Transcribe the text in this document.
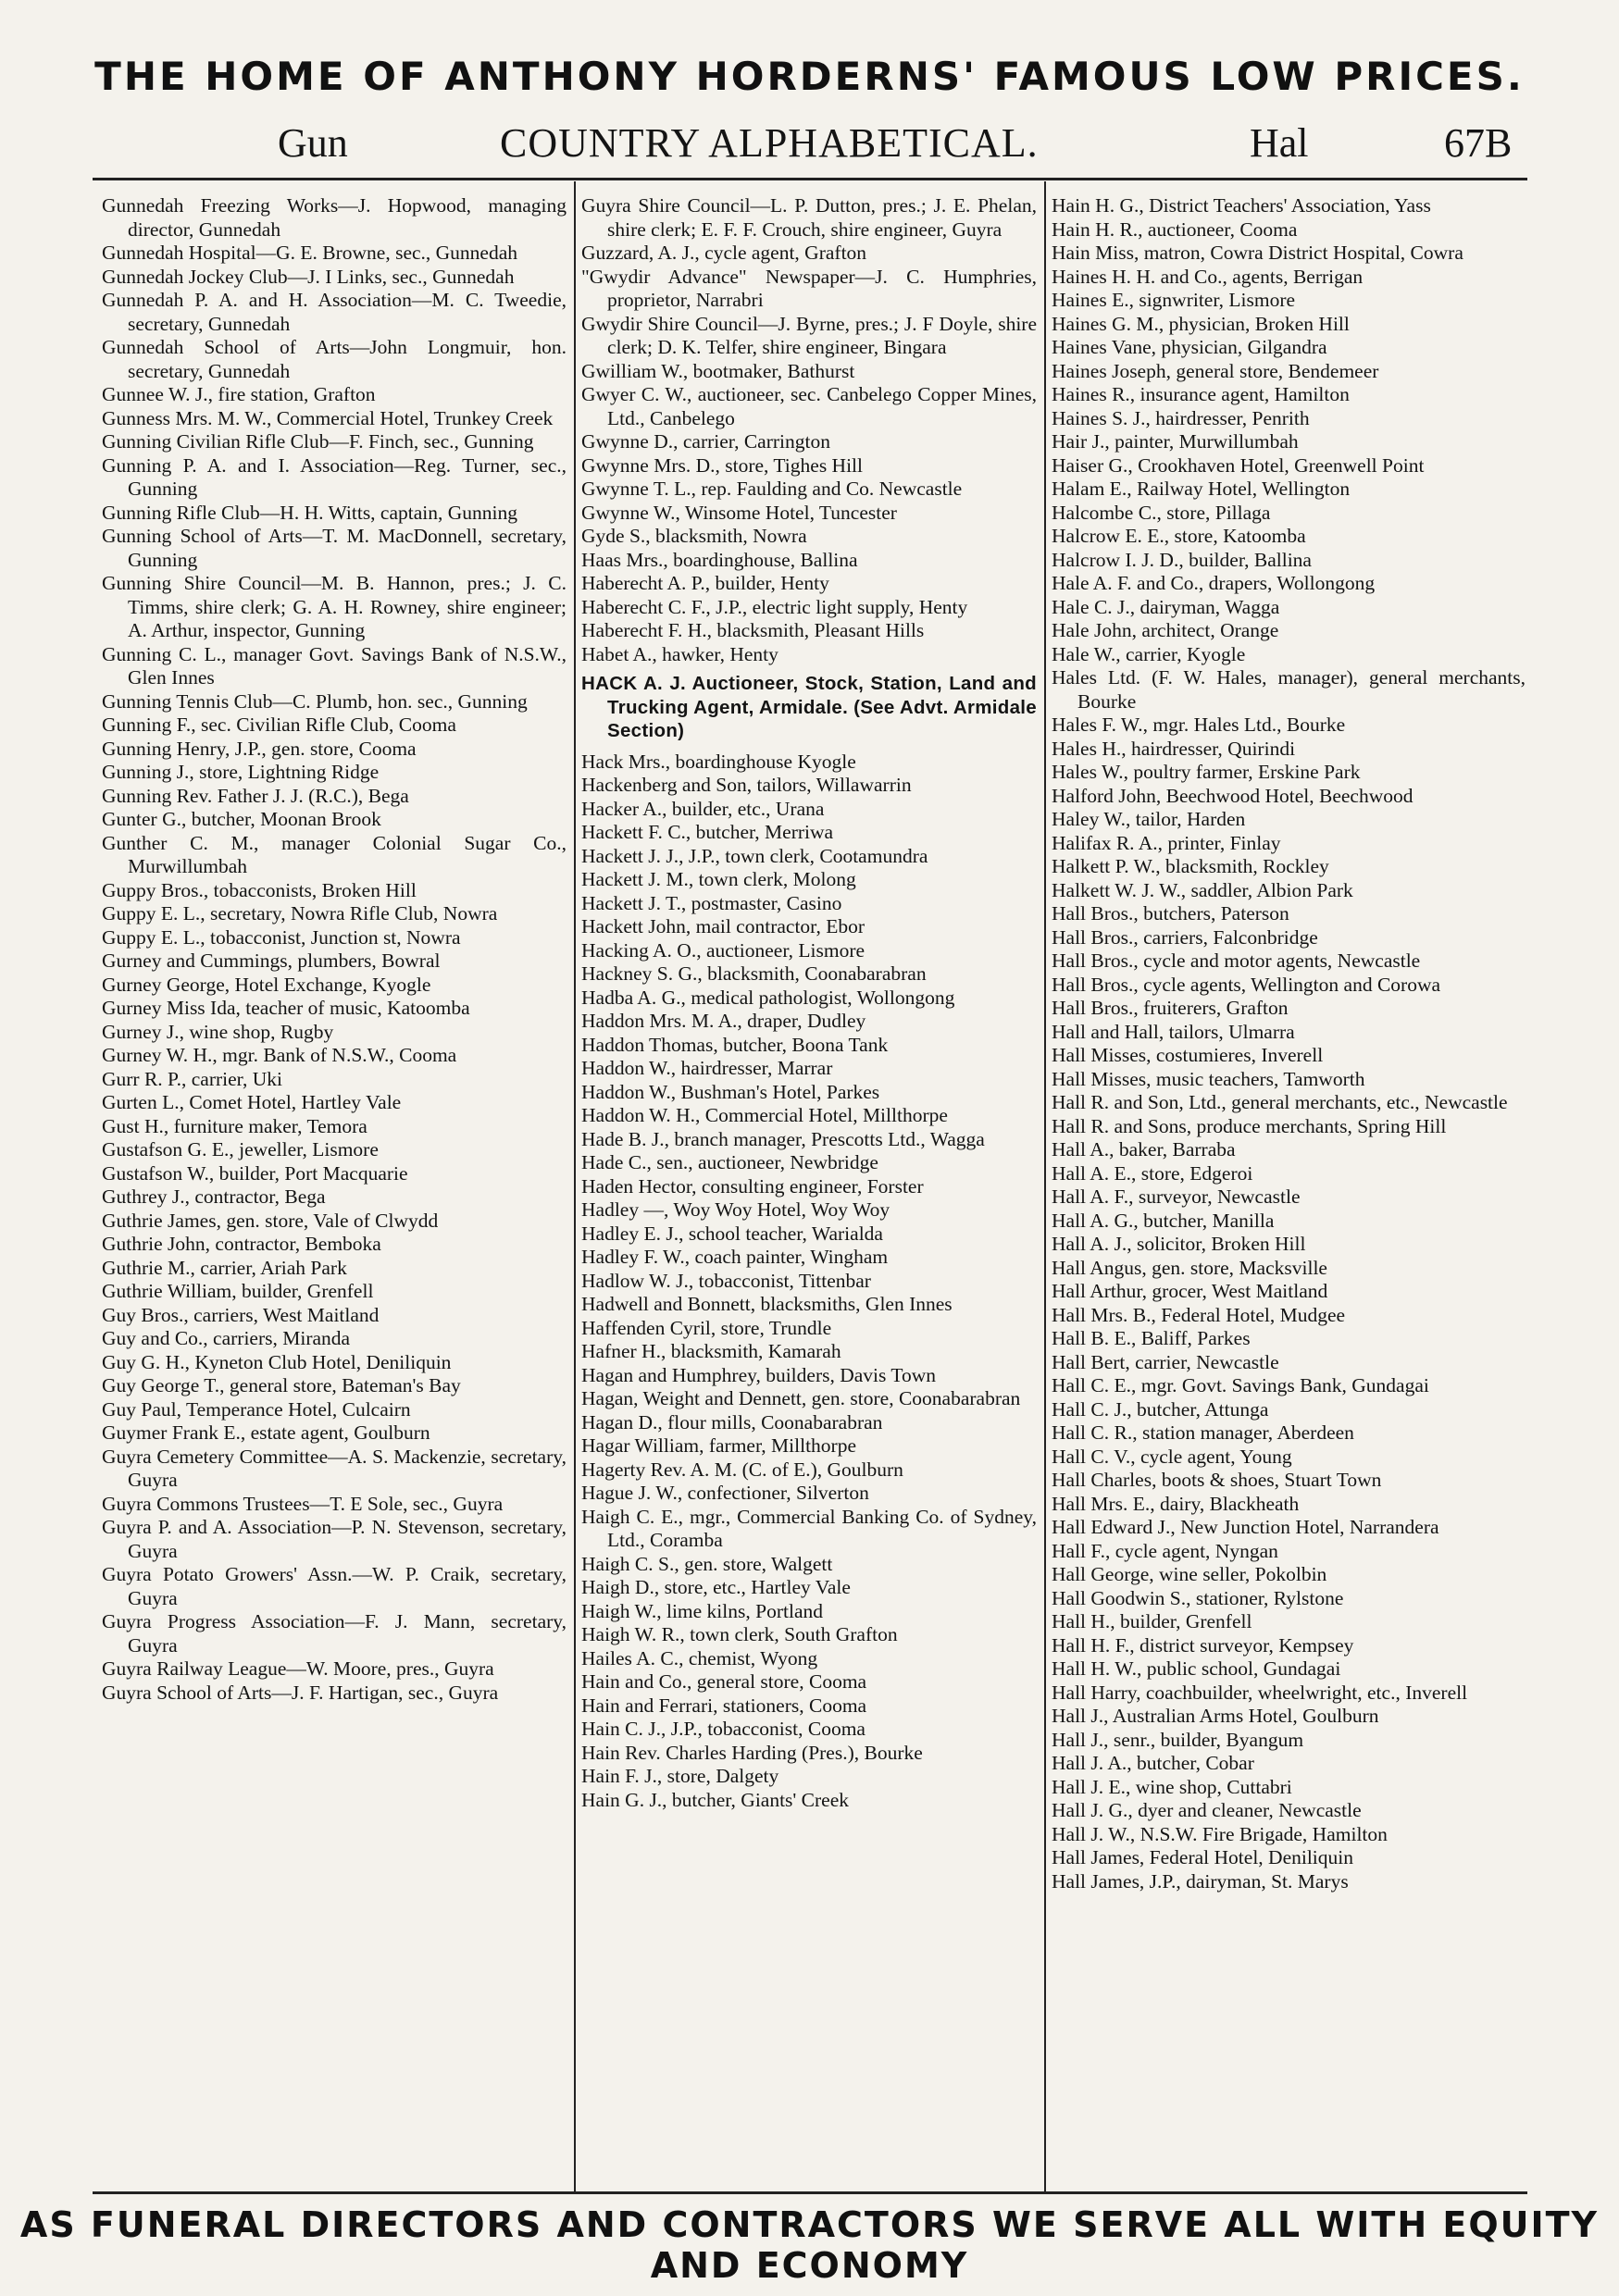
THE HOME OF ANTHONY HORDERNS' FAMOUS LOW PRICES.
Gun	COUNTRY ALPHABETICAL.	Hal	67B

Gunnedah Freezing Works—J. Hopwood, managing director, Gunnedah

Gunnedah Hospital—G. E. Browne, sec., Gunnedah

Gunnedah Jockey Club—J. I Links, sec., Gunnedah

Gunnedah P. A. and H. Association—M. C. Tweedie, secretary, Gunnedah

Gunnedah School of Arts—John Longmuir, hon. secretary, Gunnedah

Gunnee W. J., fire station, Grafton

Gunness Mrs. M. W., Commercial Hotel, Trunkey Creek

Gunning Civilian Rifle Club—F. Finch, sec., Gunning

Gunning P. A. and I. Association—Reg. Turner, sec., Gunning

Gunning Rifle Club—H. H. Witts, captain, Gunning

Gunning School of Arts—T. M. MacDonnell, secretary, Gunning

Gunning Shire Council—M. B. Hannon, pres.; J. C. Timms, shire clerk; G. A. H. Rowney, shire engineer; A. Arthur, inspector, Gunning

Gunning C. L., manager Govt. Savings Bank of N.S.W., Glen Innes

Gunning Tennis Club—C. Plumb, hon. sec., Gunning

Gunning F., sec. Civilian Rifle Club, Cooma

Gunning Henry, J.P., gen. store, Cooma

Gunning J., store, Lightning Ridge

Gunning Rev. Father J. J. (R.C.), Bega

Gunter G., butcher, Moonan Brook

Gunther C. M., manager Colonial Sugar Co., Murwillumbah

Guppy Bros., tobacconists, Broken Hill

Guppy E. L., secretary, Nowra Rifle Club, Nowra

Guppy E. L., tobacconist, Junction st, Nowra

Gurney and Cummings, plumbers, Bowral

Gurney George, Hotel Exchange, Kyogle

Gurney Miss Ida, teacher of music, Katoomba

Gurney J., wine shop, Rugby

Gurney W. H., mgr. Bank of N.S.W., Cooma

Gurr R. P., carrier, Uki

Gurten L., Comet Hotel, Hartley Vale

Gust H., furniture maker, Temora

Gustafson G. E., jeweller, Lismore

Gustafson W., builder, Port Macquarie

Guthrey J., contractor, Bega

Guthrie James, gen. store, Vale of Clwydd

Guthrie John, contractor, Bemboka

Guthrie M., carrier, Ariah Park

Guthrie William, builder, Grenfell

Guy Bros., carriers, West Maitland

Guy and Co., carriers, Miranda

Guy G. H., Kyneton Club Hotel, Deniliquin

Guy George T., general store, Bateman's Bay

Guy Paul, Temperance Hotel, Culcairn

Guymer Frank E., estate agent, Goulburn

Guyra Cemetery Committee—A. S. Mackenzie, secretary, Guyra

Guyra Commons Trustees—T. E Sole, sec., Guyra

Guyra P. and A. Association—P. N. Stevenson, secretary, Guyra

Guyra Potato Growers' Assn.—W. P. Craik, secretary, Guyra

Guyra Progress Association—F. J. Mann, secretary, Guyra

Guyra Railway League—W. Moore, pres., Guyra

Guyra School of Arts—J. F. Hartigan, sec., Guyra

Guyra Shire Council—L. P. Dutton, pres.; J. E. Phelan, shire clerk; E. F. F. Crouch, shire engineer, Guyra

Guzzard, A. J., cycle agent, Grafton

"Gwydir Advance" Newspaper—J. C. Humphries, proprietor, Narrabri

Gwydir Shire Council—J. Byrne, pres.; J. F Doyle, shire clerk; D. K. Telfer, shire engineer, Bingara

Gwilliam W., bootmaker, Bathurst

Gwyer C. W., auctioneer, sec. Canbelego Copper Mines, Ltd., Canbelego

Gwynne D., carrier, Carrington

Gwynne Mrs. D., store, Tighes Hill

Gwynne T. L., rep. Faulding and Co. Newcastle

Gwynne W., Winsome Hotel, Tuncester

Gyde S., blacksmith, Nowra

Haas Mrs., boardinghouse, Ballina

Haberecht A. P., builder, Henty

Haberecht C. F., J.P., electric light supply, Henty

Haberecht F. H., blacksmith, Pleasant Hills

Habet A., hawker, Henty

HACK A. J. Auctioneer, Stock, Station, Land and Trucking Agent, Armidale. (See Advt. Armidale Section)

Hack Mrs., boardinghouse Kyogle

Hackenberg and Son, tailors, Willawarrin

Hacker A., builder, etc., Urana

Hackett F. C., butcher, Merriwa

Hackett J. J., J.P., town clerk, Cootamundra

Hackett J. M., town clerk, Molong

Hackett J. T., postmaster, Casino

Hackett John, mail contractor, Ebor

Hacking A. O., auctioneer, Lismore

Hackney S. G., blacksmith, Coonabarabran

Hadba A. G., medical pathologist, Wollongong

Haddon Mrs. M. A., draper, Dudley

Haddon Thomas, butcher, Boona Tank

Haddon W., hairdresser, Marrar

Haddon W., Bushman's Hotel, Parkes

Haddon W. H., Commercial Hotel, Millthorpe

Hade B. J., branch manager, Prescotts Ltd., Wagga

Hade C., sen., auctioneer, Newbridge

Haden Hector, consulting engineer, Forster

Hadley —, Woy Woy Hotel, Woy Woy

Hadley E. J., school teacher, Warialda

Hadley F. W., coach painter, Wingham

Hadlow W. J., tobacconist, Tittenbar

Hadwell and Bonnett, blacksmiths, Glen Innes

Haffenden Cyril, store, Trundle

Hafner H., blacksmith, Kamarah

Hagan and Humphrey, builders, Davis Town

Hagan, Weight and Dennett, gen. store, Coonabarabran

Hagan D., flour mills, Coonabarabran

Hagar William, farmer, Millthorpe

Hagerty Rev. A. M. (C. of E.), Goulburn

Hague J. W., confectioner, Silverton

Haigh C. E., mgr., Commercial Banking Co. of Sydney, Ltd., Coramba

Haigh C. S., gen. store, Walgett

Haigh D., store, etc., Hartley Vale

Haigh W., lime kilns, Portland

Haigh W. R., town clerk, South Grafton

Hailes A. C., chemist, Wyong

Hain and Co., general store, Cooma

Hain and Ferrari, stationers, Cooma

Hain C. J., J.P., tobacconist, Cooma

Hain Rev. Charles Harding (Pres.), Bourke

Hain F. J., store, Dalgety

Hain G. J., butcher, Giants' Creek

Hain H. G., District Teachers' Association, Yass

Hain H. R., auctioneer, Cooma

Hain Miss, matron, Cowra District Hospital, Cowra

Haines H. H. and Co., agents, Berrigan

Haines E., signwriter, Lismore

Haines G. M., physician, Broken Hill

Haines Vane, physician, Gilgandra

Haines Joseph, general store, Bendemeer

Haines R., insurance agent, Hamilton

Haines S. J., hairdresser, Penrith

Hair J., painter, Murwillumbah

Haiser G., Crookhaven Hotel, Greenwell Point

Halam E., Railway Hotel, Wellington

Halcombe C., store, Pillaga

Halcrow E. E., store, Katoomba

Halcrow I. J. D., builder, Ballina

Hale A. F. and Co., drapers, Wollongong

Hale C. J., dairyman, Wagga

Hale John, architect, Orange

Hale W., carrier, Kyogle

Hales Ltd. (F. W. Hales, manager), general merchants, Bourke

Hales F. W., mgr. Hales Ltd., Bourke

Hales H., hairdresser, Quirindi

Hales W., poultry farmer, Erskine Park

Halford John, Beechwood Hotel, Beechwood

Haley W., tailor, Harden

Halifax R. A., printer, Finlay

Halkett P. W., blacksmith, Rockley

Halkett W. J. W., saddler, Albion Park

Hall Bros., butchers, Paterson

Hall Bros., carriers, Falconbridge

Hall Bros., cycle and motor agents, Newcastle

Hall Bros., cycle agents, Wellington and Corowa

Hall Bros., fruiterers, Grafton

Hall and Hall, tailors, Ulmarra

Hall Misses, costumieres, Inverell

Hall Misses, music teachers, Tamworth

Hall R. and Son, Ltd., general merchants, etc., Newcastle

Hall R. and Sons, produce merchants, Spring Hill

Hall A., baker, Barraba

Hall A. E., store, Edgeroi

Hall A. F., surveyor, Newcastle

Hall A. G., butcher, Manilla

Hall A. J., solicitor, Broken Hill

Hall Angus, gen. store, Macksville

Hall Arthur, grocer, West Maitland

Hall Mrs. B., Federal Hotel, Mudgee

Hall B. E., Baliff, Parkes

Hall Bert, carrier, Newcastle

Hall C. E., mgr. Govt. Savings Bank, Gundagai

Hall C. J., butcher, Attunga

Hall C. R., station manager, Aberdeen

Hall C. V., cycle agent, Young

Hall Charles, boots & shoes, Stuart Town

Hall Mrs. E., dairy, Blackheath

Hall Edward J., New Junction Hotel, Narrandera

Hall F., cycle agent, Nyngan

Hall George, wine seller, Pokolbin

Hall Goodwin S., stationer, Rylstone

Hall H., builder, Grenfell

Hall H. F., district surveyor, Kempsey

Hall H. W., public school, Gundagai

Hall Harry, coachbuilder, wheelwright, etc., Inverell

Hall J., Australian Arms Hotel, Goulburn

Hall J., senr., builder, Byangum

Hall J. A., butcher, Cobar

Hall J. E., wine shop, Cuttabri

Hall J. G., dyer and cleaner, Newcastle

Hall J. W., N.S.W. Fire Brigade, Hamilton

Hall James, Federal Hotel, Deniliquin

Hall James, J.P., dairyman, St. Marys

AS FUNERAL DIRECTORS AND CONTRACTORS WE SERVE ALL WITH EQUITY AND ECONOMY
